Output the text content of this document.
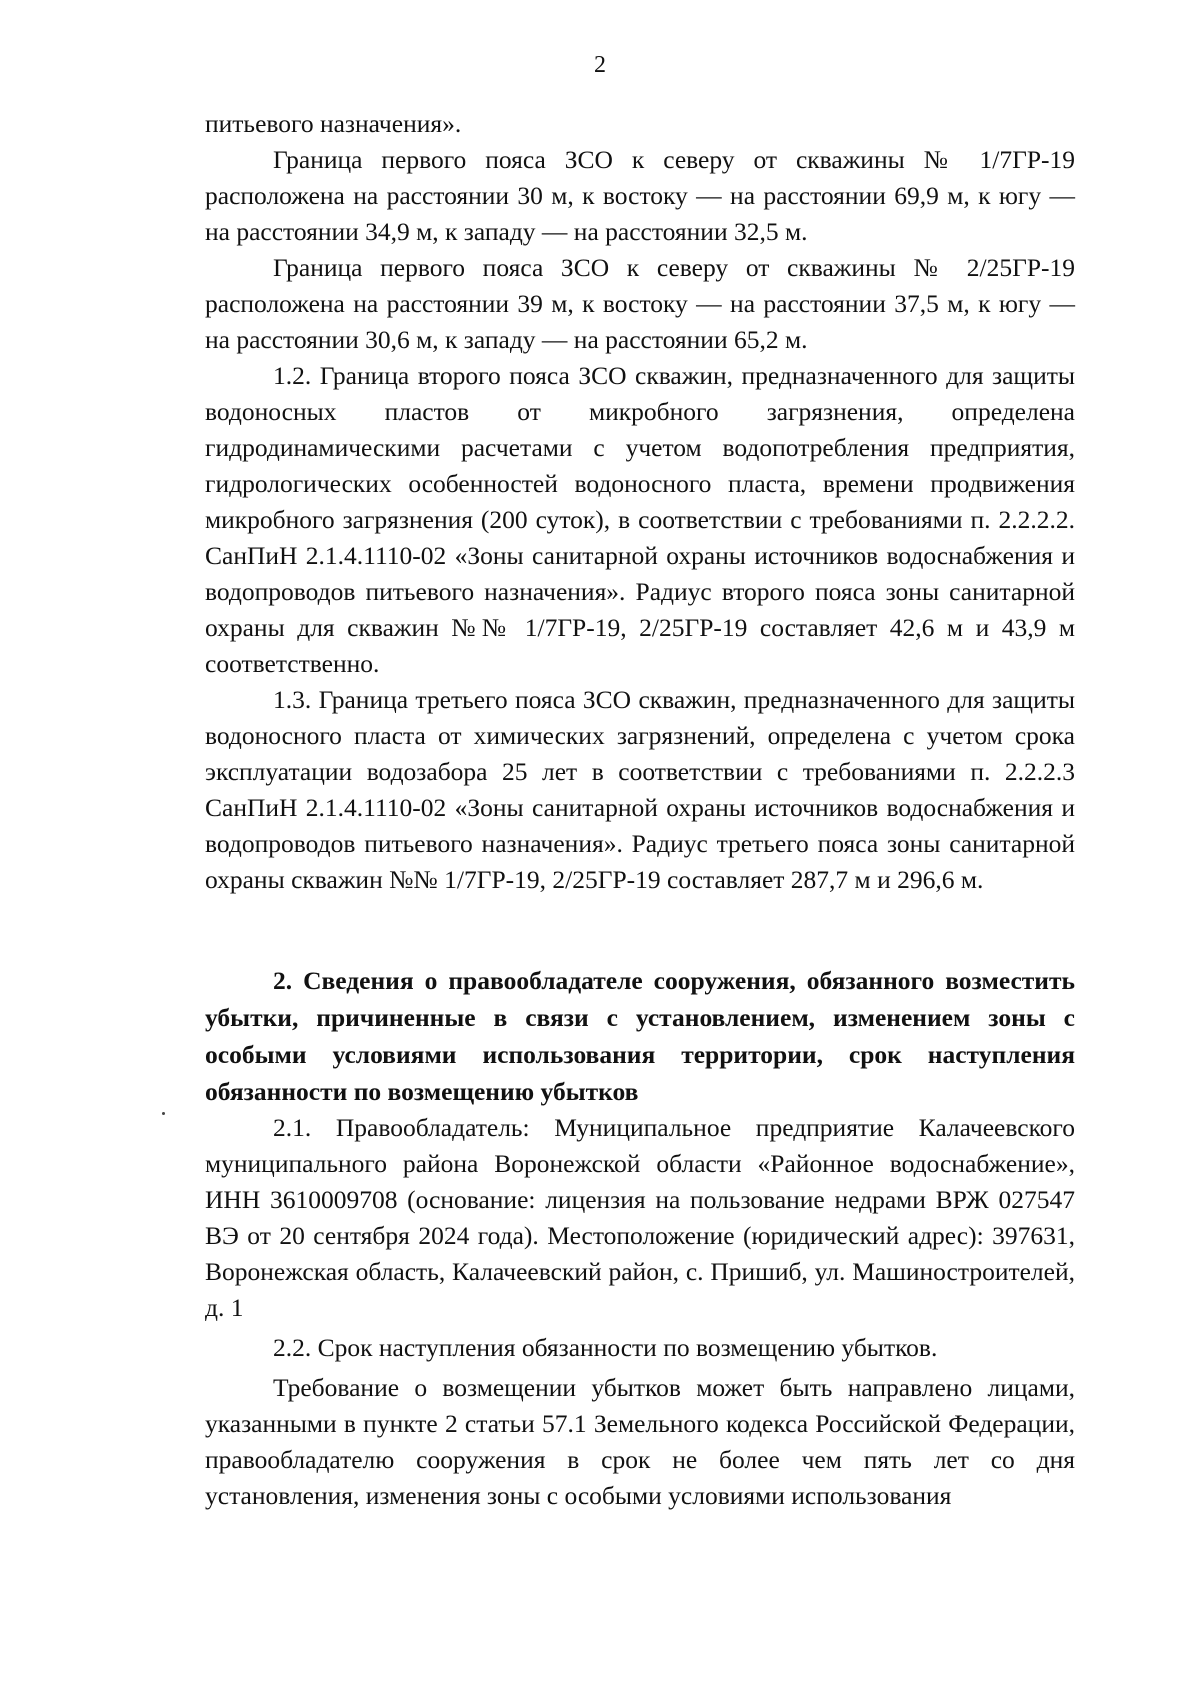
2

питьевого назначения».

Граница первого пояса ЗСО к северу от скважины № 1/7ГР-19 расположена на расстоянии 30 м, к востоку — на расстоянии 69,9 м, к югу — на расстоянии 34,9 м, к западу — на расстоянии 32,5 м.

Граница первого пояса ЗСО к северу от скважины № 2/25ГР-19 расположена на расстоянии 39 м, к востоку — на расстоянии 37,5 м, к югу — на расстоянии 30,6 м, к западу — на расстоянии 65,2 м.

1.2. Граница второго пояса ЗСО скважин, предназначенного для защиты водоносных пластов от микробного загрязнения, определена гидродинамическими расчетами с учетом водопотребления предприятия, гидрологических особенностей водоносного пласта, времени продвижения микробного загрязнения (200 суток), в соответствии с требованиями п. 2.2.2.2. СанПиН 2.1.4.1110-02 «Зоны санитарной охраны источников водоснабжения и водопроводов питьевого назначения». Радиус второго пояса зоны санитарной охраны для скважин №№ 1/7ГР-19, 2/25ГР-19 составляет 42,6 м и 43,9 м соответственно.

1.3. Граница третьего пояса ЗСО скважин, предназначенного для защиты водоносного пласта от химических загрязнений, определена с учетом срока эксплуатации водозабора 25 лет в соответствии с требованиями п. 2.2.2.3 СанПиН 2.1.4.1110-02 «Зоны санитарной охраны источников водоснабжения и водопроводов питьевого назначения». Радиус третьего пояса зоны санитарной охраны скважин №№ 1/7ГР-19, 2/25ГР-19 составляет 287,7 м и 296,6 м.

2. Сведения о правообладателе сооружения, обязанного возместить убытки, причиненные в связи с установлением, изменением зоны с особыми условиями использования территории, срок наступления обязанности по возмещению убытков

2.1. Правообладатель: Муниципальное предприятие Калачеевского муниципального района Воронежской области «Районное водоснабжение», ИНН 3610009708 (основание: лицензия на пользование недрами ВРЖ 027547 ВЭ от 20 сентября 2024 года). Местоположение (юридический адрес): 397631, Воронежская область, Калачеевский район, с. Пришиб, ул. Машиностроителей, д. 1

2.2. Срок наступления обязанности по возмещению убытков.

Требование о возмещении убытков может быть направлено лицами, указанными в пункте 2 статьи 57.1 Земельного кодекса Российской Федерации, правообладателю сооружения в срок не более чем пять лет со дня установления, изменения зоны с особыми условиями использования
